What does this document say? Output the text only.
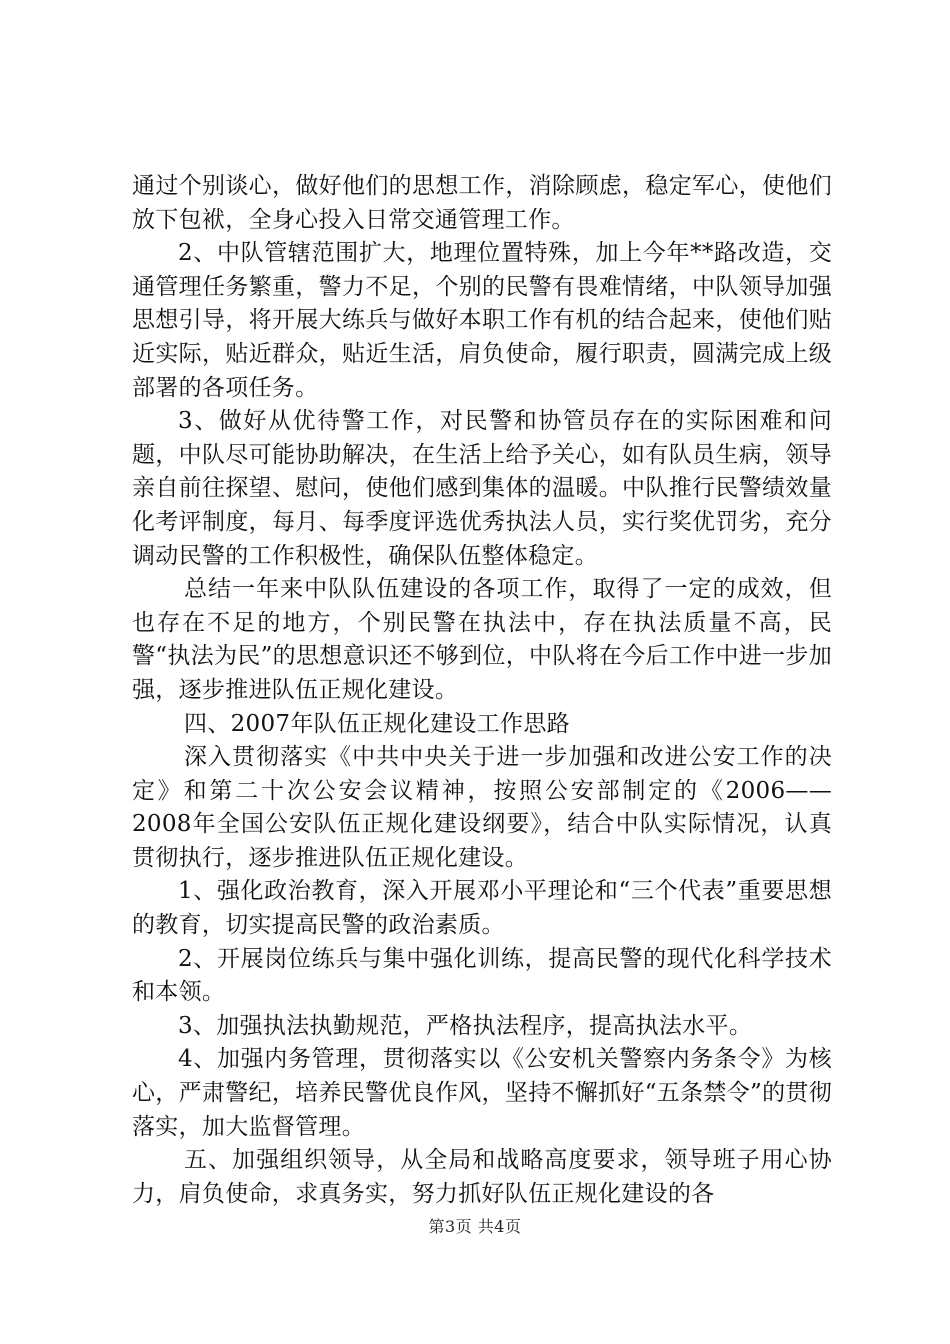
通过个别谈心，做好他们的思想工作，消除顾虑，稳定军心，使他们放下包袱，全身心投入日常交通管理工作。

2、中队管辖范围扩大，地理位置特殊，加上今年**路改造，交通管理任务繁重，警力不足，个别的民警有畏难情绪，中队领导加强思想引导，将开展大练兵与做好本职工作有机的结合起来，使他们贴近实际，贴近群众，贴近生活，肩负使命，履行职责，圆满完成上级部署的各项任务。

3、做好从优待警工作，对民警和协管员存在的实际困难和问题，中队尽可能协助解决，在生活上给予关心，如有队员生病，领导亲自前往探望、慰问，使他们感到集体的温暖。中队推行民警绩效量化考评制度，每月、每季度评选优秀执法人员，实行奖优罚劣，充分调动民警的工作积极性，确保队伍整体稳定。

总结一年来中队队伍建设的各项工作，取得了一定的成效，但也存在不足的地方，个别民警在执法中，存在执法质量不高，民警“执法为民”的思想意识还不够到位，中队将在今后工作中进一步加强，逐步推进队伍正规化建设。

四、2007年队伍正规化建设工作思路

深入贯彻落实《中共中央关于进一步加强和改进公安工作的决定》和第二十次公安会议精神，按照公安部制定的《2006——2008年全国公安队伍正规化建设纲要》，结合中队实际情况，认真贯彻执行，逐步推进队伍正规化建设。

1、强化政治教育，深入开展邓小平理论和“三个代表”重要思想的教育，切实提高民警的政治素质。

2、开展岗位练兵与集中强化训练，提高民警的现代化科学技术和本领。

3、加强执法执勤规范，严格执法程序，提高执法水平。

4、加强内务管理，贯彻落实以《公安机关警察内务条令》为核心，严肃警纪，培养民警优良作风，坚持不懈抓好“五条禁令”的贯彻落实，加大监督管理。

五、加强组织领导，从全局和战略高度要求，领导班子用心协力，肩负使命，求真务实，努力抓好队伍正规化建设的各

第3页 共4页
